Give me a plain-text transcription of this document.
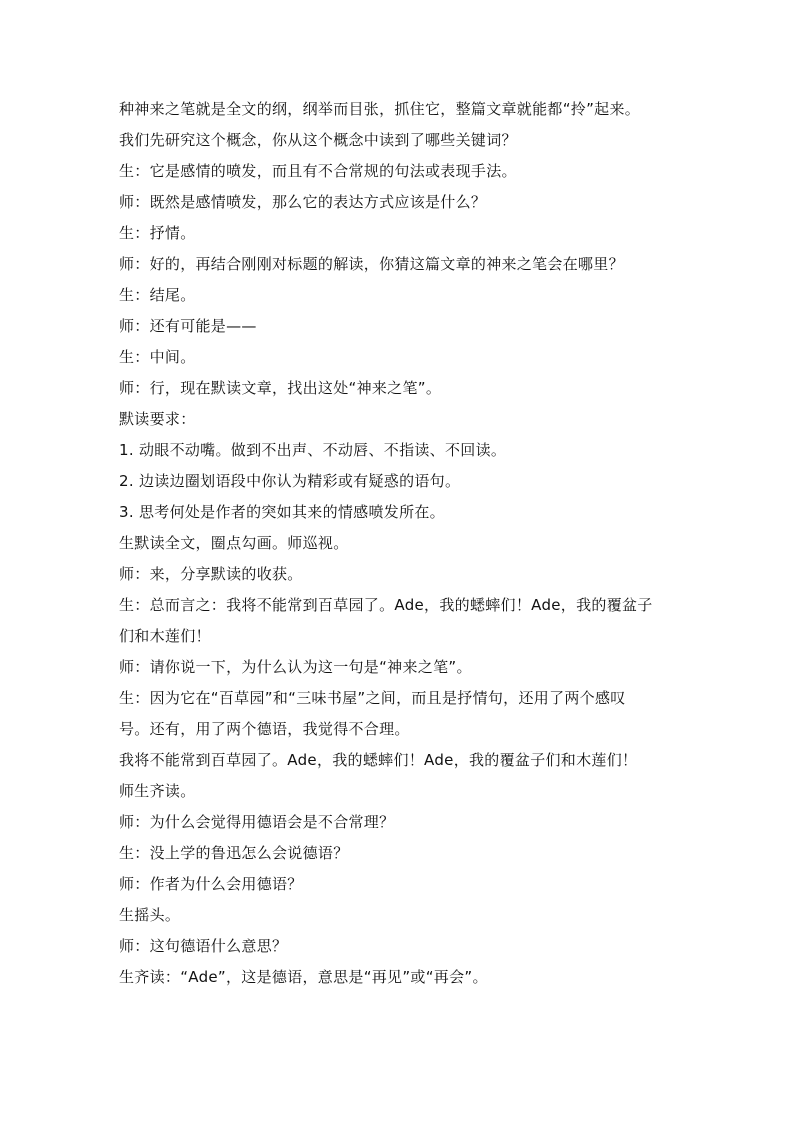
种神来之笔就是全文的纲，纲举而目张，抓住它，整篇文章就能都“拎”起来。
我们先研究这个概念，你从这个概念中读到了哪些关键词？
生：它是感情的喷发，而且有不合常规的句法或表现手法。
师：既然是感情喷发，那么它的表达方式应该是什么？
生：抒情。
师：好的，再结合刚刚对标题的解读，你猜这篇文章的神来之笔会在哪里？
生：结尾。
师：还有可能是——
生：中间。
师：行，现在默读文章，找出这处“神来之笔”。
默读要求：
1. 动眼不动嘴。做到不出声、不动唇、不指读、不回读。
2. 边读边圈划语段中你认为精彩或有疑惑的语句。
3. 思考何处是作者的突如其来的情感喷发所在。
生默读全文，圈点勾画。师巡视。
师：来，分享默读的收获。
生：总而言之：我将不能常到百草园了。Ade，我的蟋蟀们！Ade，我的覆盆子
们和木莲们！
师：请你说一下，为什么认为这一句是“神来之笔”。
生：因为它在“百草园”和“三味书屋”之间，而且是抒情句，还用了两个感叹
号。还有，用了两个德语，我觉得不合理。
我将不能常到百草园了。Ade，我的蟋蟀们！Ade，我的覆盆子们和木莲们！
师生齐读。
师：为什么会觉得用德语会是不合常理？
生：没上学的鲁迅怎么会说德语？
师：作者为什么会用德语？
生摇头。
师：这句德语什么意思？
生齐读：“Ade”，这是德语，意思是“再见”或“再会”。
